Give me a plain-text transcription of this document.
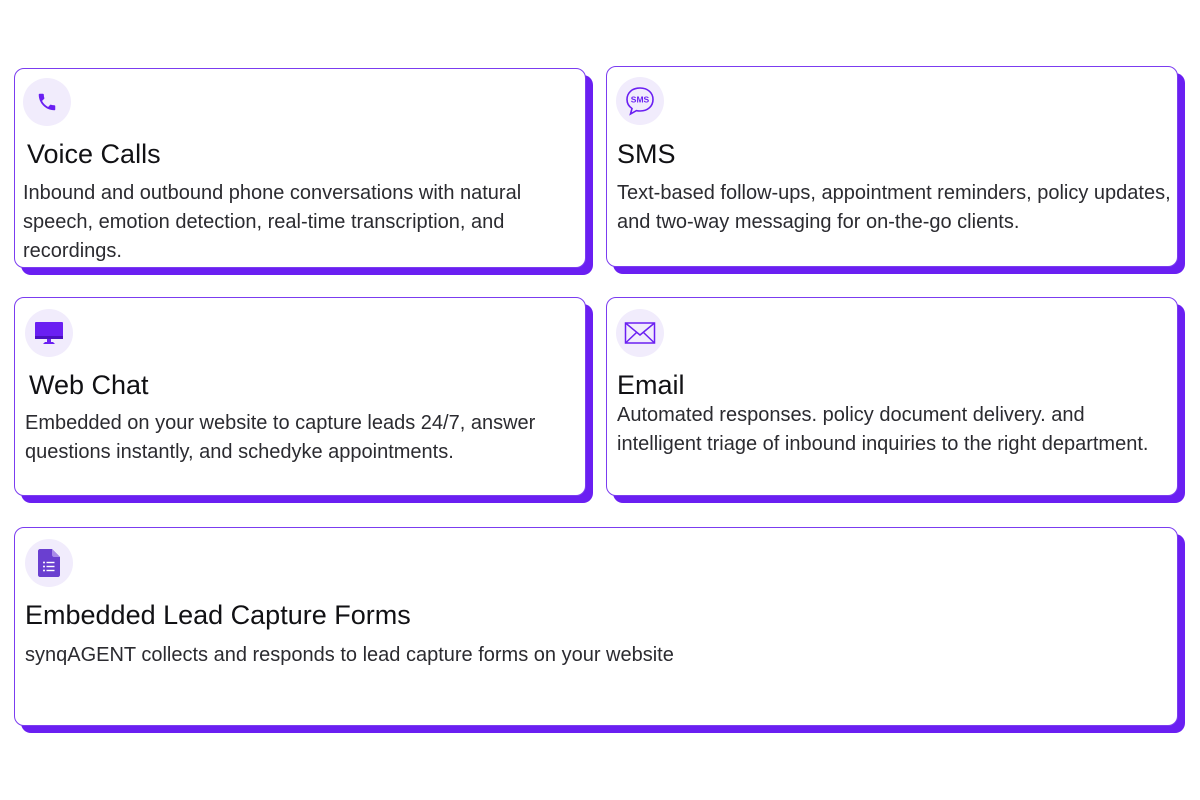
Voice Calls

Inbound and outbound phone conversations with natural speech, emotion detection, real-time transcription, and recordings.

SMS
SMS

Text-based follow-ups, appointment reminders, policy updates, and two-way messaging for on-the-go clients.

Web Chat

Embedded on your website to capture leads 24/7, answer questions instantly, and schedyke appointments.

Email

Automated responses. policy document delivery. and intelligent triage of inbound inquiries to the right department.

Embedded Lead Capture Forms

synqAGENT collects and responds to lead capture forms on your website
